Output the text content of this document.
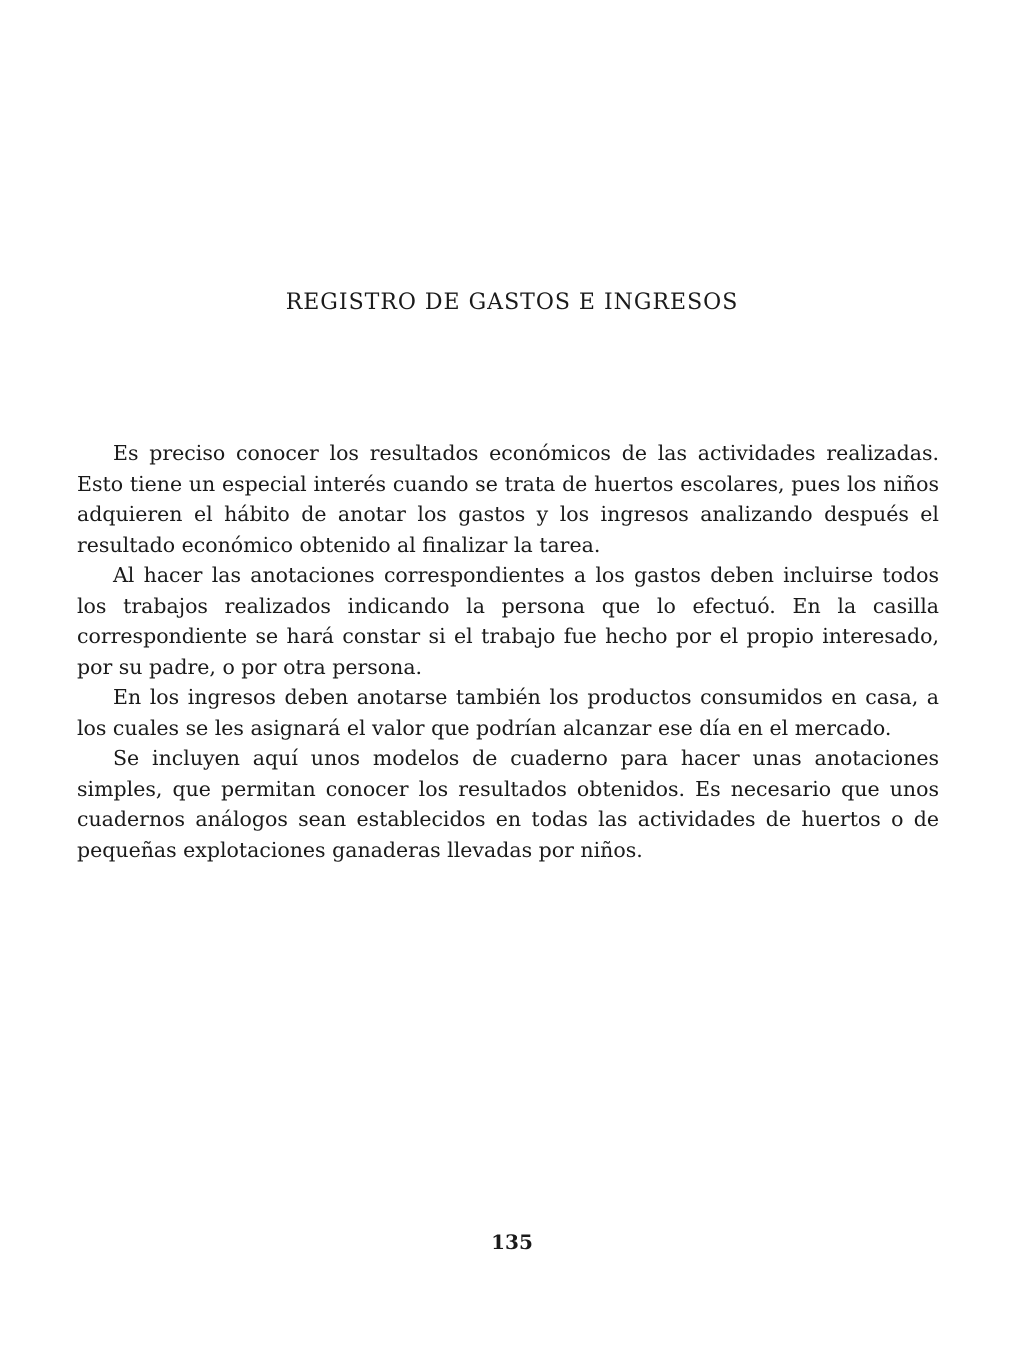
REGISTRO DE GASTOS E INGRESOS

Es preciso conocer los resultados económicos de las actividades realizadas. Esto tiene un especial interés cuando se trata de huertos escolares, pues los niños adquieren el hábito de anotar los gastos y los ingresos analizando después el resultado económico obtenido al finalizar la tarea.

Al hacer las anotaciones correspondientes a los gastos deben incluirse todos los trabajos realizados indicando la persona que lo efectuó. En la casilla correspondiente se hará constar si el trabajo fue hecho por el propio interesado, por su padre, o por otra persona.

En los ingresos deben anotarse también los productos consumidos en casa, a los cuales se les asignará el valor que podrían alcanzar ese día en el mercado.

Se incluyen aquí unos modelos de cuaderno para hacer unas anotaciones simples, que permitan conocer los resultados obtenidos. Es necesario que unos cuadernos análogos sean establecidos en todas las actividades de huertos o de pequeñas explotaciones ganaderas llevadas por niños.

135
